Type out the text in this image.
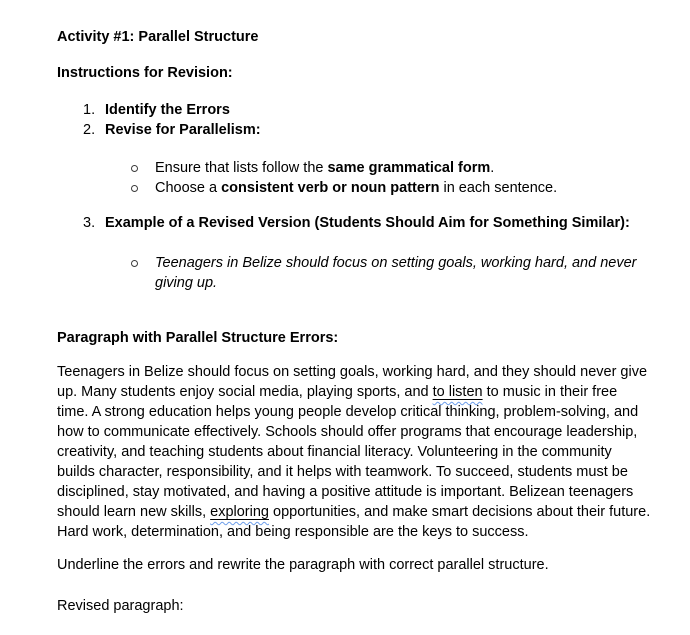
Activity #1: Parallel Structure

Instructions for Revision:

1. Identify the Errors
2. Revise for Parallelism:
Ensure that lists follow the same grammatical form.
Choose a consistent verb or noun pattern in each sentence.
3. Example of a Revised Version (Students Should Aim for Something Similar):
Teenagers in Belize should focus on setting goals, working hard, and never giving up.

Paragraph with Parallel Structure Errors:

Teenagers in Belize should focus on setting goals, working hard, and they should never give up. Many students enjoy social media, playing sports, and to listen to music in their free time. A strong education helps young people develop critical thinking, problem-solving, and how to communicate effectively. Schools should offer programs that encourage leadership, creativity, and teaching students about financial literacy. Volunteering in the community builds character, responsibility, and it helps with teamwork. To succeed, students must be disciplined, stay motivated, and having a positive attitude is important. Belizean teenagers should learn new skills, exploring opportunities, and make smart decisions about their future. Hard work, determination, and being responsible are the keys to success.

Underline the errors and rewrite the paragraph with correct parallel structure.

Revised paragraph:
